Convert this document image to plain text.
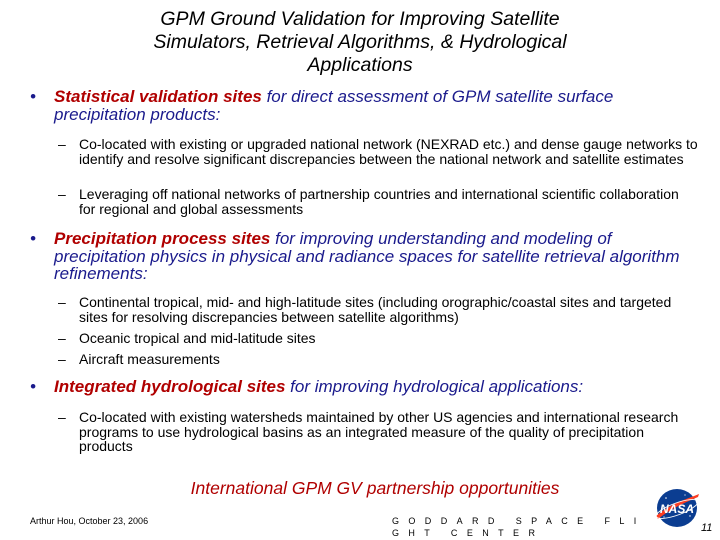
GPM Ground Validation for Improving Satellite
Simulators, Retrieval Algorithms, & Hydrological
Applications
• Statistical validation sites for direct assessment of GPM satellite surface precipitation products:
– Co-located with existing or upgraded national network (NEXRAD etc.) and dense gauge networks to identify and resolve significant discrepancies between the national network and satellite estimates
– Leveraging off national networks of partnership countries and international scientific collaboration for regional and global assessments
• Precipitation process sites for improving understanding and modeling of precipitation physics in physical and radiance spaces for satellite retrieval algorithm refinements:
– Continental tropical, mid- and high-latitude sites (including orographic/coastal sites and targeted sites for resolving discrepancies between satellite algorithms)
– Oceanic tropical and mid-latitude sites
– Aircraft measurements
• Integrated hydrological sites for improving hydrological applications:
– Co-located with existing watersheds maintained by other US agencies and international research programs to use hydrological basins as an integrated measure of the quality of precipitation products
International GPM GV partnership opportunities
Arthur Hou, October 23, 2006	GODDARD SPACE FLIGHT CENTER
NASA
11
